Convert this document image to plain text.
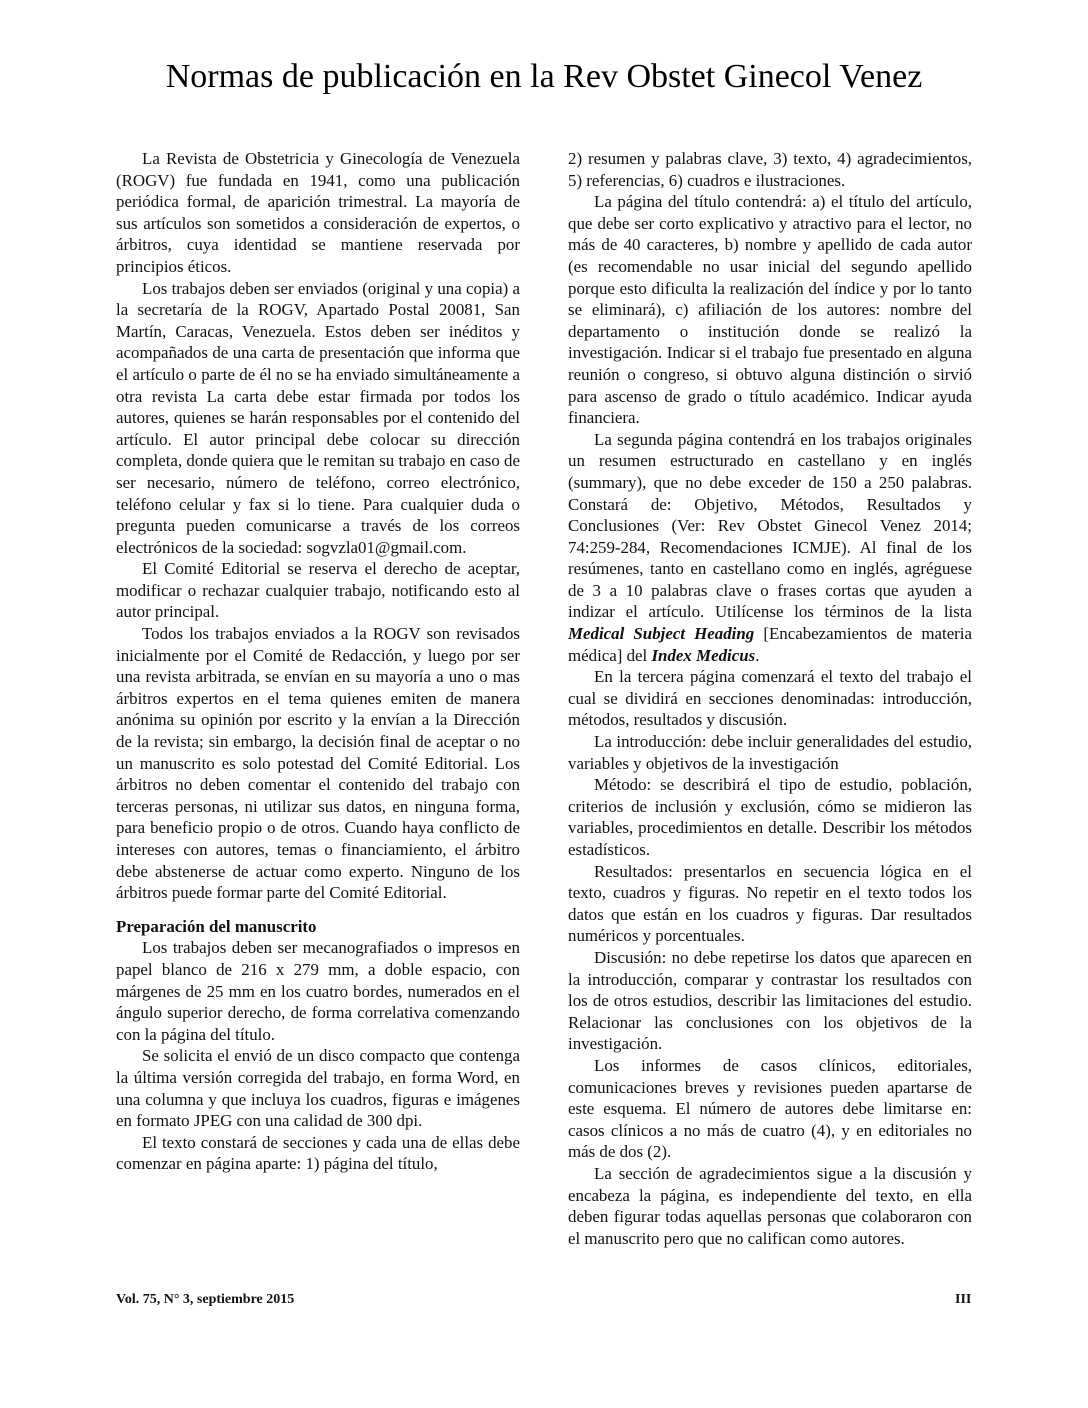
Normas de publicación en la Rev Obstet Ginecol Venez

La Revista de Obstetricia y Ginecología de Venezuela (ROGV) fue fundada en 1941, como una publicación periódica formal, de aparición trimestral. La mayoría de sus artículos son sometidos a consideración de expertos, o árbitros, cuya identidad se mantiene reservada por principios éticos.

Los trabajos deben ser enviados (original y una copia) a la secretaría de la ROGV, Apartado Postal 20081, San Martín, Caracas, Venezuela. Estos deben ser inéditos y acompañados de una carta de presentación que informa que el artículo o parte de él no se ha enviado simultáneamente a otra revista La carta debe estar firmada por todos los autores, quienes se harán responsables por el contenido del artículo. El autor principal debe colocar su dirección completa, donde quiera que le remitan su trabajo en caso de ser necesario, número de teléfono, correo electrónico, teléfono celular y fax si lo tiene. Para cualquier duda o pregunta pueden comunicarse a través de los correos electrónicos de la sociedad: sogvzla01@gmail.com.

El Comité Editorial se reserva el derecho de aceptar, modificar o rechazar cualquier trabajo, notificando esto al autor principal.

Todos los trabajos enviados a la ROGV son revisados inicialmente por el Comité de Redacción, y luego por ser una revista arbitrada, se envían en su mayoría a uno o mas árbitros expertos en el tema quienes emiten de manera anónima su opinión por escrito y la envían a la Dirección de la revista; sin embargo, la decisión final de aceptar o no un manuscrito es solo potestad del Comité Editorial. Los árbitros no deben comentar el contenido del trabajo con terceras personas, ni utilizar sus datos, en ninguna forma, para beneficio propio o de otros. Cuando haya conflicto de intereses con autores, temas o financiamiento, el árbitro debe abstenerse de actuar como experto. Ninguno de los árbitros puede formar parte del Comité Editorial.

Preparación del manuscrito

Los trabajos deben ser mecanografiados o impresos en papel blanco de 216 x 279 mm, a doble espacio, con márgenes de 25 mm en los cuatro bordes, numerados en el ángulo superior derecho, de forma correlativa comenzando con la página del título.

Se solicita el envió de un disco compacto que contenga la última versión corregida del trabajo, en forma Word, en una columna y que incluya los cuadros, figuras e imágenes en formato JPEG con una calidad de 300 dpi.

El texto constará de secciones y cada una de ellas debe comenzar en página aparte: 1) página del título,

2) resumen y palabras clave, 3) texto, 4) agradecimientos, 5) referencias, 6) cuadros e ilustraciones.

La página del título contendrá: a) el título del artículo, que debe ser corto explicativo y atractivo para el lector, no más de 40 caracteres, b) nombre y apellido de cada autor (es recomendable no usar inicial del segundo apellido porque esto dificulta la realización del índice y por lo tanto se eliminará), c) afiliación de los autores: nombre del departamento o institución donde se realizó la investigación. Indicar si el trabajo fue presentado en alguna reunión o congreso, si obtuvo alguna distinción o sirvió para ascenso de grado o título académico. Indicar ayuda financiera.

La segunda página contendrá en los trabajos originales un resumen estructurado en castellano y en inglés (summary), que no debe exceder de 150 a 250 palabras. Constará de: Objetivo, Métodos, Resultados y Conclusiones (Ver: Rev Obstet Ginecol Venez 2014; 74:259-284, Recomendaciones ICMJE). Al final de los resúmenes, tanto en castellano como en inglés, agréguese de 3 a 10 palabras clave o frases cortas que ayuden a indizar el artículo. Utilícense los términos de la lista Medical Subject Heading [Encabezamientos de materia médica] del Index Medicus.

En la tercera página comenzará el texto del trabajo el cual se dividirá en secciones denominadas: introducción, métodos, resultados y discusión.

La introducción: debe incluir generalidades del estudio, variables y objetivos de la investigación

Método: se describirá el tipo de estudio, población, criterios de inclusión y exclusión, cómo se midieron las variables, procedimientos en detalle. Describir los métodos estadísticos.

Resultados: presentarlos en secuencia lógica en el texto, cuadros y figuras. No repetir en el texto todos los datos que están en los cuadros y figuras. Dar resultados numéricos y porcentuales.

Discusión: no debe repetirse los datos que aparecen en la introducción, comparar y contrastar los resultados con los de otros estudios, describir las limitaciones del estudio. Relacionar las conclusiones con los objetivos de la investigación.

Los informes de casos clínicos, editoriales, comunicaciones breves y revisiones pueden apartarse de este esquema. El número de autores debe limitarse en: casos clínicos a no más de cuatro (4), y en editoriales no más de dos (2).

La sección de agradecimientos sigue a la discusión y encabeza la página, es independiente del texto, en ella deben figurar todas aquellas personas que colaboraron con el manuscrito pero que no califican como autores.

Vol. 75, N° 3, septiembre 2015	III
